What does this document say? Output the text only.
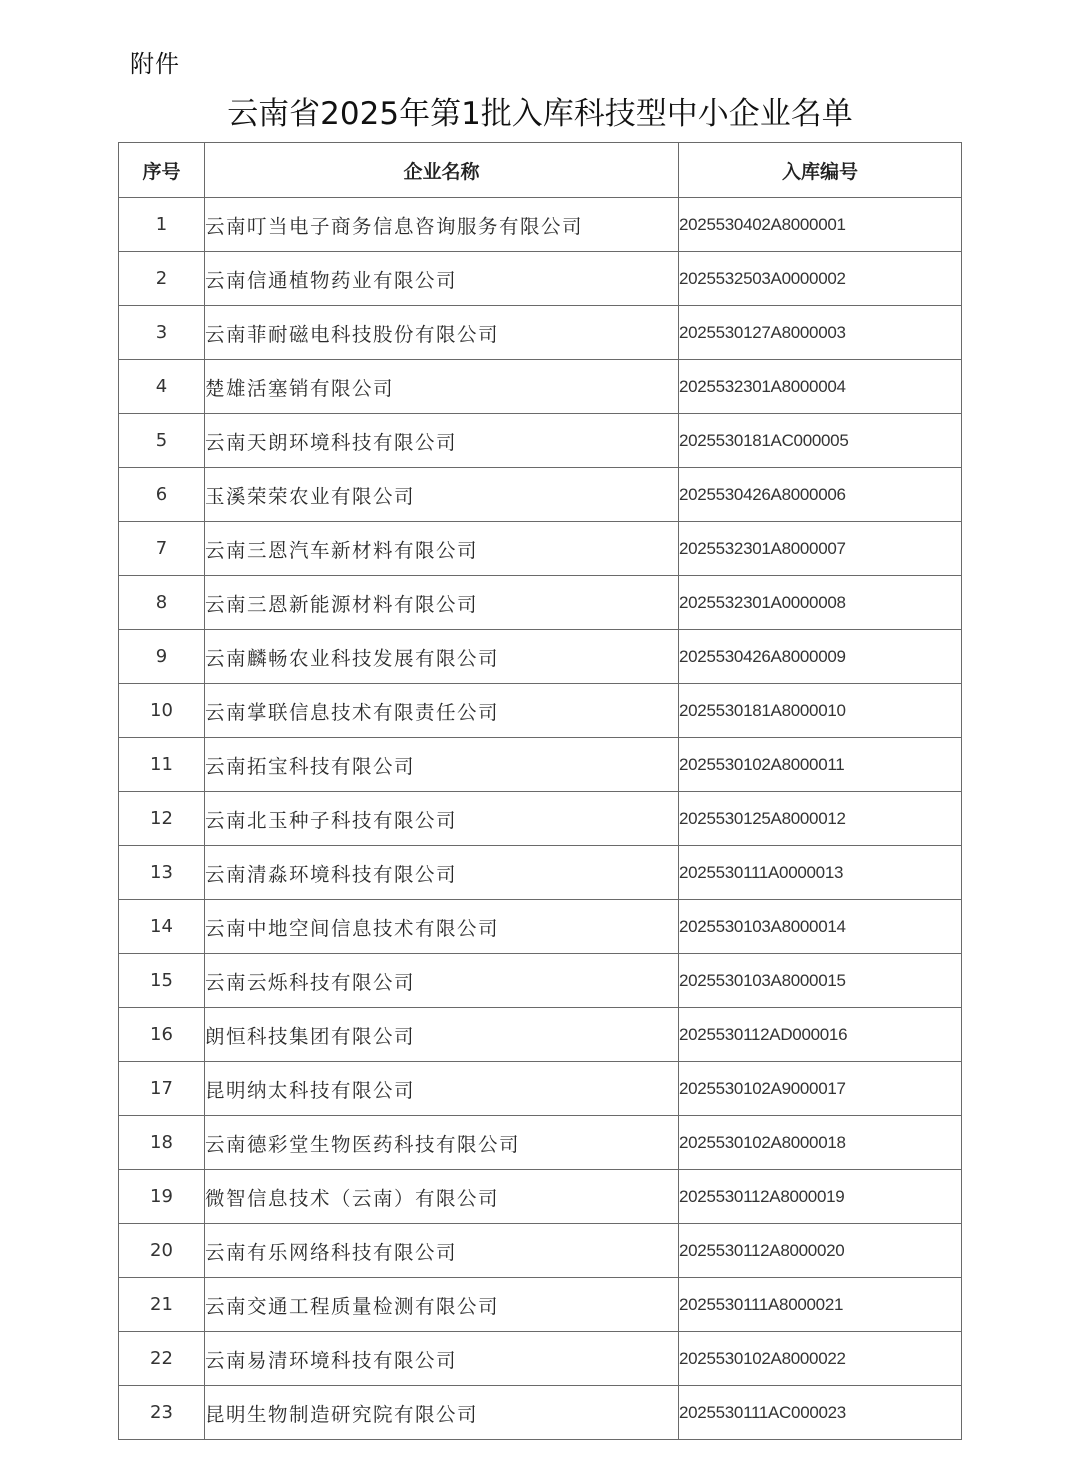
附件
云南省2025年第1批入库科技型中小企业名单
序号	企业名称	入库编号
1	云南叮当电子商务信息咨询服务有限公司	2025530402A8000001
2	云南信通植物药业有限公司	2025532503A0000002
3	云南菲耐磁电科技股份有限公司	2025530127A8000003
4	楚雄活塞销有限公司	2025532301A8000004
5	云南天朗环境科技有限公司	2025530181AC000005
6	玉溪荣荣农业有限公司	2025530426A8000006
7	云南三恩汽车新材料有限公司	2025532301A8000007
8	云南三恩新能源材料有限公司	2025532301A0000008
9	云南麟畅农业科技发展有限公司	2025530426A8000009
10	云南掌联信息技术有限责任公司	2025530181A8000010
11	云南拓宝科技有限公司	2025530102A8000011
12	云南北玉种子科技有限公司	2025530125A8000012
13	云南清淼环境科技有限公司	2025530111A0000013
14	云南中地空间信息技术有限公司	2025530103A8000014
15	云南云烁科技有限公司	2025530103A8000015
16	朗恒科技集团有限公司	2025530112AD000016
17	昆明纳太科技有限公司	2025530102A9000017
18	云南德彩堂生物医药科技有限公司	2025530102A8000018
19	微智信息技术（云南）有限公司	2025530112A8000019
20	云南有乐网络科技有限公司	2025530112A8000020
21	云南交通工程质量检测有限公司	2025530111A8000021
22	云南易清环境科技有限公司	2025530102A8000022
23	昆明生物制造研究院有限公司	2025530111AC000023
